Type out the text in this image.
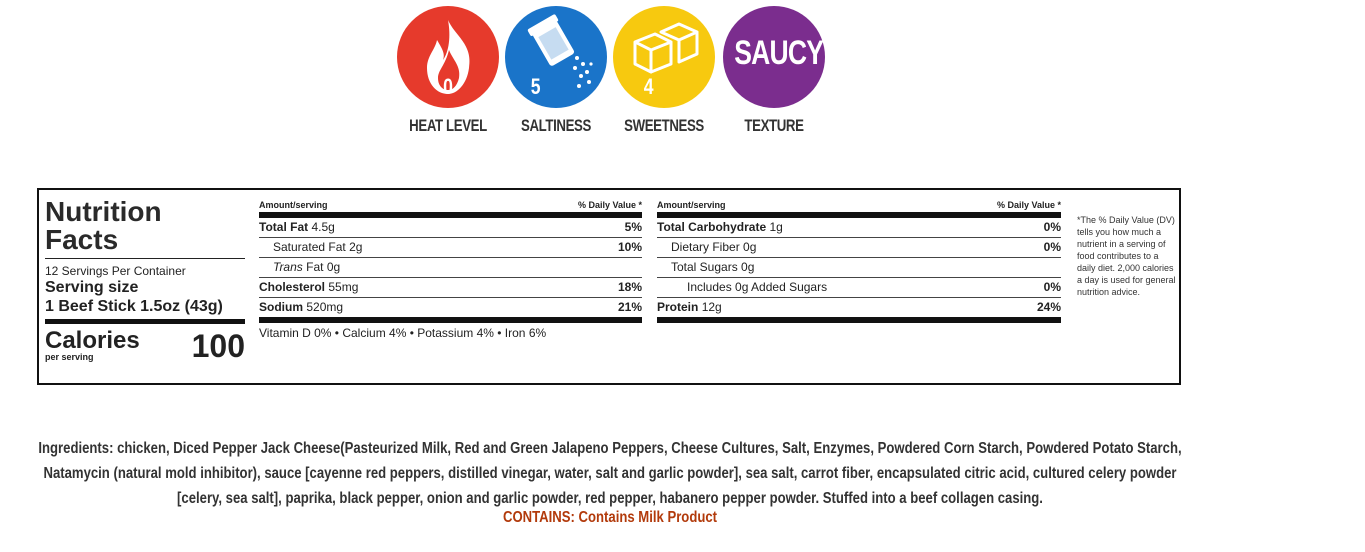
0
HEAT LEVEL
5
SALTINESS
4
SWEETNESS
SAUCY
TEXTURE
Nutrition
Facts
12 Servings Per Container
Serving size
1 Beef Stick 1.5oz (43g)
Calories
per serving	100
Amount/serving	% Daily Value *
Total Fat 4.5g	5%
Saturated Fat 2g	10%
Trans Fat 0g
Cholesterol 55mg	18%
Sodium 520mg	21%
Vitamin D 0% • Calcium 4% • Potassium 4% • Iron 6%
Amount/serving	% Daily Value *
Total Carbohydrate 1g	0%
Dietary Fiber 0g	0%
Total Sugars 0g
Includes 0g Added Sugars	0%
Protein 12g	24%
*The % Daily Value (DV) tells you how much a nutrient in a serving of food contributes to a daily diet. 2,000 calories a day is used for general nutrition advice.
Ingredients: chicken, Diced Pepper Jack Cheese(Pasteurized Milk, Red and Green Jalapeno Peppers, Cheese Cultures, Salt, Enzymes, Powdered Corn Starch, Powdered Potato Starch, Natamycin (natural mold inhibitor), sauce [cayenne red peppers, distilled vinegar, water, salt and garlic powder], sea salt, carrot fiber, encapsulated citric acid, cultured celery powder [celery, sea salt], paprika, black pepper, onion and garlic powder, red pepper, habanero pepper powder. Stuffed into a beef collagen casing.
CONTAINS: Contains Milk Product
